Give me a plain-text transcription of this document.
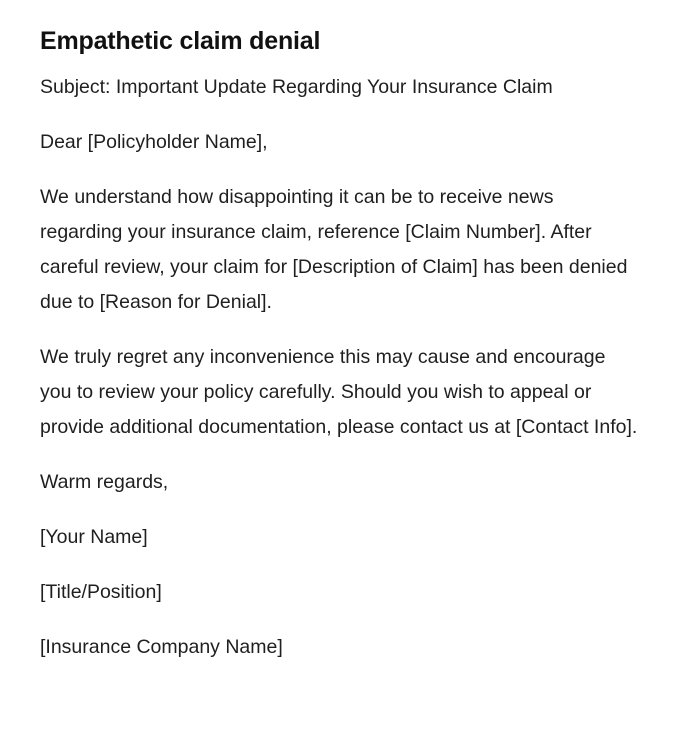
Empathetic claim denial

Subject: Important Update Regarding Your Insurance Claim

Dear [Policyholder Name],

We understand how disappointing it can be to receive news regarding your insurance claim, reference [Claim Number]. After careful review, your claim for [Description of Claim] has been denied due to [Reason for Denial].

We truly regret any inconvenience this may cause and encourage you to review your policy carefully. Should you wish to appeal or provide additional documentation, please contact us at [Contact Info].

Warm regards,

[Your Name]

[Title/Position]

[Insurance Company Name]
